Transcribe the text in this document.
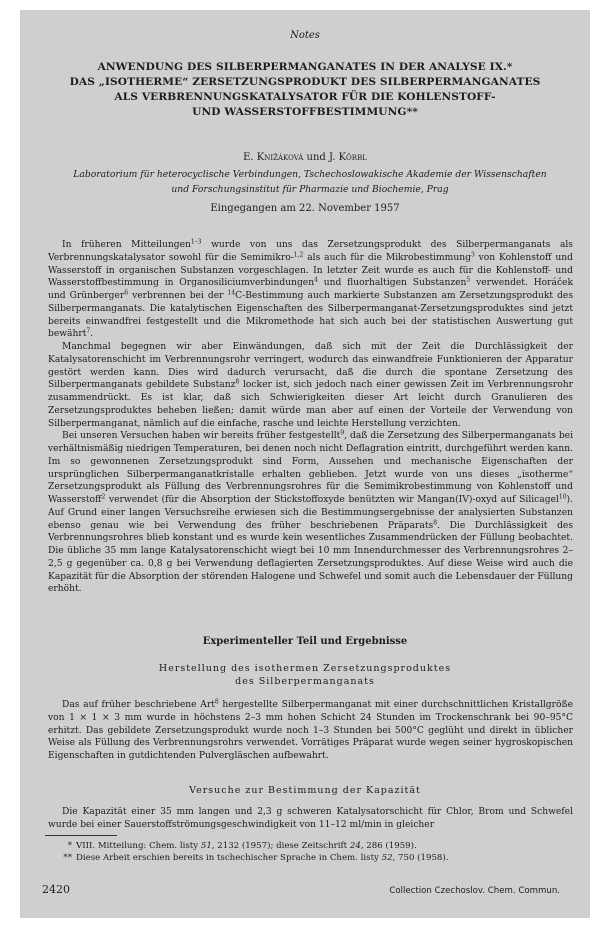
Notes
ANWENDUNG DES SILBERPERMANGANATES IN DER ANALYSE IX.*
DAS „ISOTHERME“ ZERSETZUNGSPRODUKT DES SILBERPERMANGANATES
ALS VERBRENNUNGSKATALYSATOR FÜR DIE KOHLENSTOFF-
UND WASSERSTOFFBESTIMMUNG**
E. Knižáková und J. Körbl
Laboratorium für heterocyclische Verbindungen, Tschechoslowakische Akademie der Wissenschaften
und Forschungsinstitut für Pharmazie und Biochemie, Prag
Eingegangen am 22. November 1957

In früheren Mitteilungen$^{1-3}$ wurde von uns das Zersetzungsprodukt des Silberpermanganats als Verbrennungskatalysator sowohl für die Semimikro-$^{1,2}$ als auch für die Mikrobestimmung$^3$ von Kohlenstoff und Wasserstoff in organischen Substanzen vorgeschlagen. In letzter Zeit wurde es auch für die Kohlenstoff- und Wasserstoffbestimmung in Organosiliciumverbindungen$^4$ und fluorhaltigen Substanzen$^5$ verwendet. Horáček und Grünberger$^6$ verbrennen bei der $^{14}$C-Bestimmung auch markierte Substanzen am Zersetzungsprodukt des Silberpermanganats. Die katalytischen Eigenschaften des Silberpermanganat-Zersetzungsproduktes sind jetzt bereits einwandfrei festgestellt und die Mikromethode hat sich auch bei der statistischen Auswertung gut bewährt$^7$.

Manchmal begegnen wir aber Einwändungen, daß sich mit der Zeit die Durchlässigkeit der Katalysatorenschicht im Verbrennungsrohr verringert, wodurch das einwandfreie Funktionieren der Apparatur gestört werden kann. Dies wird dadurch verursacht, daß die durch die spontane Zersetzung des Silberpermanganats gebildete Substanz$^8$ locker ist, sich jedoch nach einer gewissen Zeit im Verbrennungsrohr zusammendrückt. Es ist klar, daß sich Schwierigkeiten dieser Art leicht durch Granulieren des Zersetzungsproduktes beheben ließen; damit würde man aber auf einen der Vorteile der Verwendung von Silberpermanganat, nämlich auf die einfache, rasche und leichte Herstellung verzichten.

Bei unseren Versuchen haben wir bereits früher festgestellt$^9$, daß die Zersetzung des Silberpermanganats bei verhältnismäßig niedrigen Temperaturen, bei denen noch nicht Deflagration eintritt, durchgeführt werden kann. Im so gewonnenen Zersetzungsprodukt sind Form, Aussehen und mechanische Eigenschaften der ursprünglichen Silberpermanganatkristalle erhalten geblieben. Jetzt wurde von uns dieses „isotherme“ Zersetzungsprodukt als Füllung des Verbrennungsrohres für die Semimikrobestimmung von Kohlenstoff und Wasserstoff$^2$ verwendet (für die Absorption der Stickstoffoxyde benützten wir Mangan(IV)-oxyd auf Silicagel$^{10}$). Auf Grund einer langen Versuchsreihe erwiesen sich die Bestimmungsergebnisse der analysierten Substanzen ebenso genau wie bei Verwendung des früher beschriebenen Präparats$^8$. Die Durchlässigkeit des Verbrennungsrohres blieb konstant und es wurde kein wesentliches Zusammendrücken der Füllung beobachtet. Die übliche 35 mm lange Katalysatorenschicht wiegt bei 10 mm Innendurchmesser des Verbrennungsrohres 2–2,5 g gegenüber ca. 0,8 g bei Verwendung deflagierten Zersetzungsproduktes. Auf diese Weise wird auch die Kapazität für die Absorption der störenden Halogene und Schwefel und somit auch die Lebensdauer der Füllung erhöht.

Experimenteller Teil und Ergebnisse
Herstellung des isothermen Zersetzungsproduktes
des Silberpermanganats

Das auf früher beschriebene Art$^8$ hergestellte Silberpermanganat mit einer durchschnittlichen Kristallgröße von 1 × 1 × 3 mm wurde in höchstens 2–3 mm hohen Schicht 24 Stunden im Trockenschrank bei 90–95°C erhitzt. Das gebildete Zersetzungsprodukt wurde noch 1–3 Stunden bei 500°C geglüht und direkt in üblicher Weise als Füllung des Verbrennungsrohrs verwendet. Vorrätiges Präparat wurde wegen seiner hygroskopischen Eigenschaften in gutdichtenden Pulvergläschen aufbewahrt.

Versuche zur Bestimmung der Kapazität

Die Kapazität einer 35 mm langen und 2,3 g schweren Katalysatorschicht für Chlor, Brom und Schwefel wurde bei einer Sauerstoffströmungsgeschwindigkeit von 11–12 ml/min in gleicher

* VIII. Mitteilung: Chem. listy 51, 2132 (1957); diese Zeitschrift 24, 286 (1959).
** Diese Arbeit erschien bereits in tschechischer Sprache in Chem. listy 52, 750 (1958).
2420	Collection Czechoslov. Chem. Commun.
